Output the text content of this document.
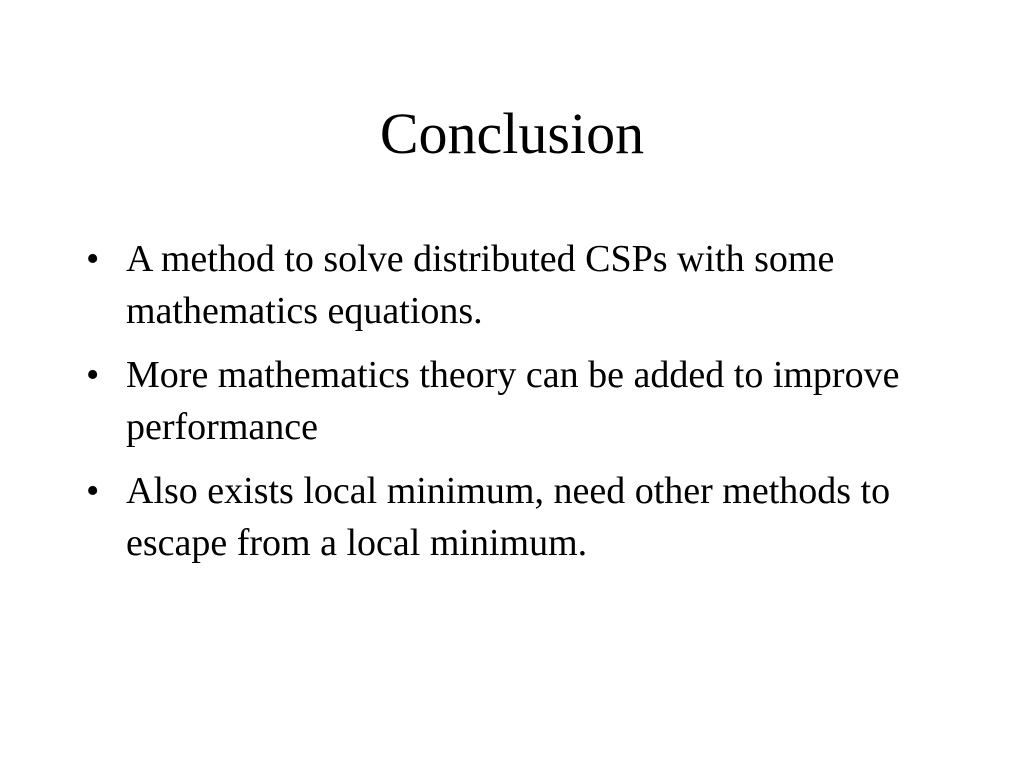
Conclusion
• A method to solve distributed CSPs with some mathematics equations.
• More mathematics theory can be added to improve performance
• Also exists local minimum, need other methods to escape from a local minimum.
